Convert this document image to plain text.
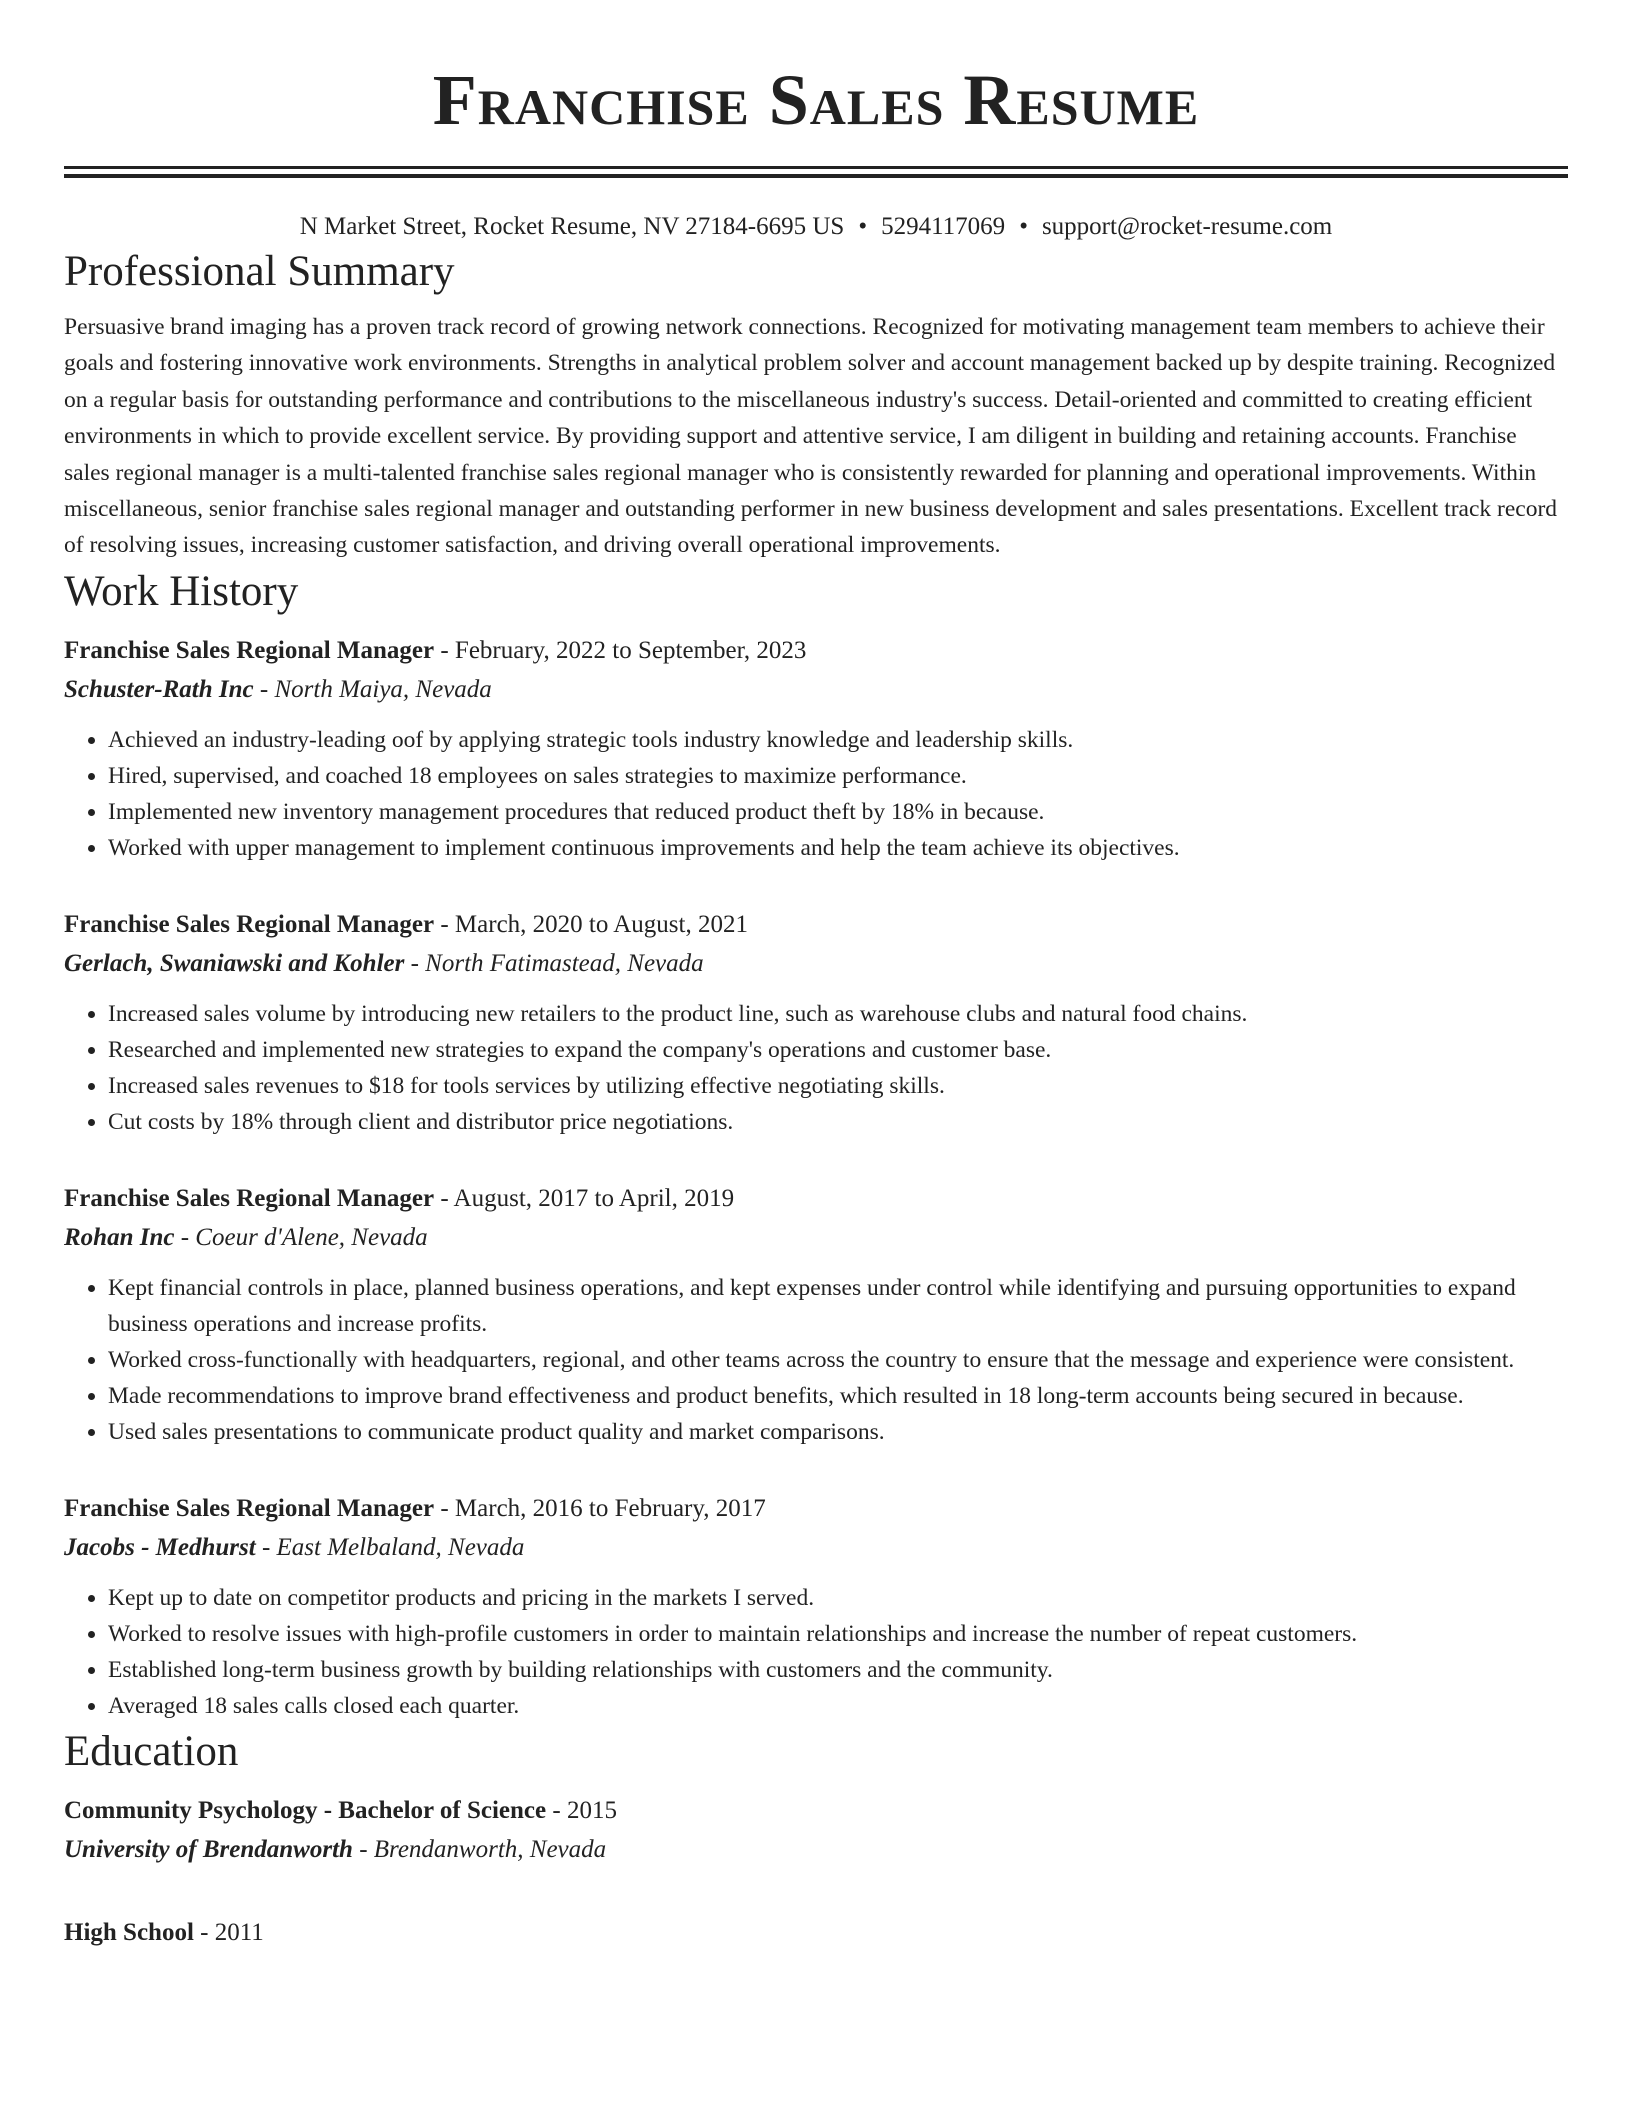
Franchise Sales Resume
N Market Street, Rocket Resume, NV 27184-6695 US • 5294117069 • support@rocket-resume.com
Professional Summary

Persuasive brand imaging has a proven track record of growing network connections. Recognized for motivating management team members to achieve their goals and fostering innovative work environments. Strengths in analytical problem solver and account management backed up by despite training. Recognized on a regular basis for outstanding performance and contributions to the miscellaneous industry's success. Detail-oriented and committed to creating efficient environments in which to provide excellent service. By providing support and attentive service, I am diligent in building and retaining accounts. Franchise sales regional manager is a multi-talented franchise sales regional manager who is consistently rewarded for planning and operational improvements. Within miscellaneous, senior franchise sales regional manager and outstanding performer in new business development and sales presentations. Excellent track record of resolving issues, increasing customer satisfaction, and driving overall operational improvements.

Work History
Franchise Sales Regional Manager - February, 2022 to September, 2023
Schuster-Rath Inc - North Maiya, Nevada
• Achieved an industry-leading oof by applying strategic tools industry knowledge and leadership skills.
• Hired, supervised, and coached 18 employees on sales strategies to maximize performance.
• Implemented new inventory management procedures that reduced product theft by 18% in because.
• Worked with upper management to implement continuous improvements and help the team achieve its objectives.
Franchise Sales Regional Manager - March, 2020 to August, 2021
Gerlach, Swaniawski and Kohler - North Fatimastead, Nevada
• Increased sales volume by introducing new retailers to the product line, such as warehouse clubs and natural food chains.
• Researched and implemented new strategies to expand the company's operations and customer base.
• Increased sales revenues to $18 for tools services by utilizing effective negotiating skills.
• Cut costs by 18% through client and distributor price negotiations.
Franchise Sales Regional Manager - August, 2017 to April, 2019
Rohan Inc - Coeur d'Alene, Nevada
• Kept financial controls in place, planned business operations, and kept expenses under control while identifying and pursuing opportunities to expand business operations and increase profits.
• Worked cross-functionally with headquarters, regional, and other teams across the country to ensure that the message and experience were consistent.
• Made recommendations to improve brand effectiveness and product benefits, which resulted in 18 long-term accounts being secured in because.
• Used sales presentations to communicate product quality and market comparisons.
Franchise Sales Regional Manager - March, 2016 to February, 2017
Jacobs - Medhurst - East Melbaland, Nevada
• Kept up to date on competitor products and pricing in the markets I served.
• Worked to resolve issues with high-profile customers in order to maintain relationships and increase the number of repeat customers.
• Established long-term business growth by building relationships with customers and the community.
• Averaged 18 sales calls closed each quarter.
Education
Community Psychology - Bachelor of Science - 2015
University of Brendanworth - Brendanworth, Nevada
High School - 2011
